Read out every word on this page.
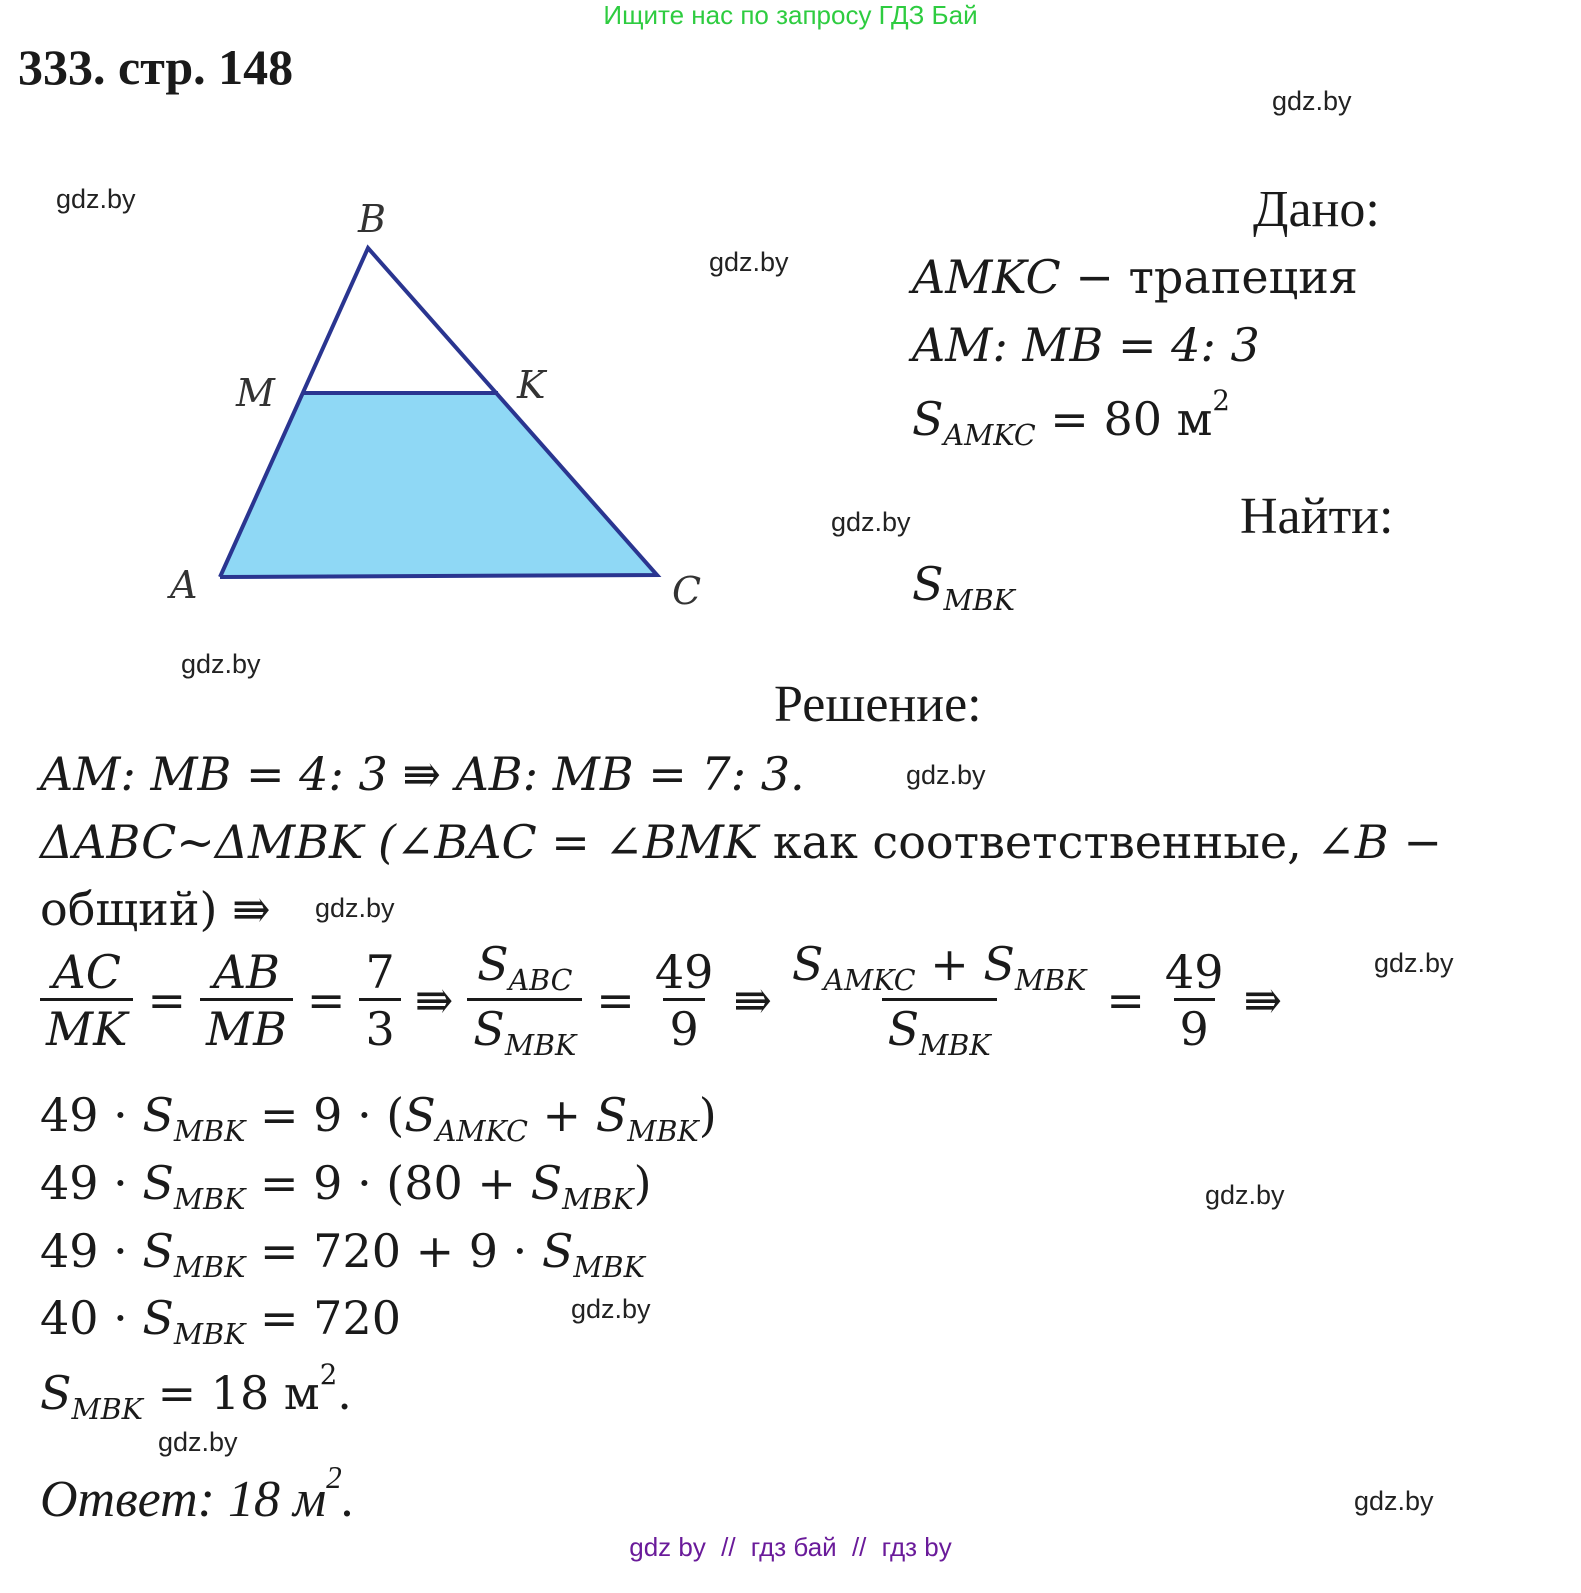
Ищите нас по запросу ГДЗ Бай
333. стр. 148
gdz.by
gdz.by
gdz.by
gdz.by
gdz.by
gdz.by
gdz.by
gdz.by
gdz.by
gdz.by
gdz.by
gdz.by
B
M	K
A	C
Дано:
AMKC − трапеция
AM: MB = 4: 3
$S_{AMKC} = 80$ $м^2$
Найти:
$S_{MBK}$
Решение:
AM: MB = 4: 3 ⇛ AB: MB = 7: 3.
ΔABC~ΔMBK (∠BAC = ∠BMK как соответственные, ∠B −
общий) ⇛
$\frac{AC}{MK} = \frac{AB}{MB} = \frac{7}{3}$ ⇛ $\frac{S_{ABC}}{S_{MBK}} = \frac{49}{9}$ ⇛ $\frac{S_{AMKC} + S_{MBK}}{S_{MBK}} = \frac{49}{9}$ ⇛
$49 \cdot S_{MBK} = 9 \cdot (S_{AMKC} + S_{MBK})$
$49 \cdot S_{MBK} = 9 \cdot (80 + S_{MBK})$
$49 \cdot S_{MBK} = 720 + 9 \cdot S_{MBK}$
$40 \cdot S_{MBK} = 720$
$S_{MBK} = 18$ $м^2$.
Ответ: 18 $м^2$.
gdz by // гдз бай // гдз by
